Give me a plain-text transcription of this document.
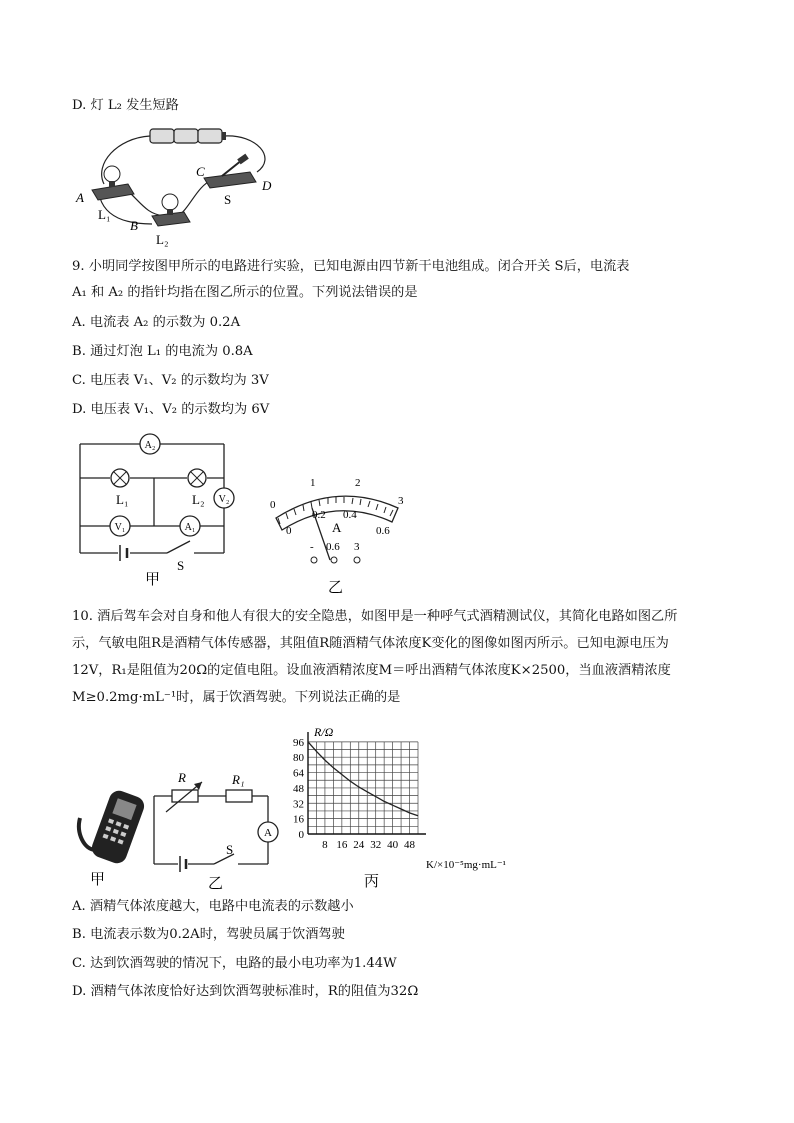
D. 灯 L₂ 发生短路
A
L₁
B
L₂
C
D
S
9. 小明同学按图甲所示的电路进行实验，已知电源由四节新干电池组成。闭合开关 S后，电流表
A₁ 和 A₂ 的指针均指在图乙所示的位置。下列说法错误的是
A. 电流表 A₂ 的示数为 0.2A
B. 通过灯泡 L₁ 的电流为 0.8A
C. 电压表 V₁、V₂ 的示数均为 3V
D. 电压表 V₁、V₂ 的示数均为 6V
A₂
V₂
V₁	A₁
L₁	L₂
S
甲
0
1	2
3
0
0.2 0.4
0.6
A
- 0.6 3
乙
10. 酒后驾车会对自身和他人有很大的安全隐患，如图甲是一种呼气式酒精测试仪，其简化电路如图乙所
示，气敏电阻R是酒精气体传感器，其阻值R随酒精气体浓度K变化的图像如图丙所示。已知电源电压为
12V，R₁是阻值为20Ω的定值电阻。设血液酒精浓度M＝呼出酒精气体浓度K×2500，当血液酒精浓度
M≥0.2mg·mL⁻¹时，属于饮酒驾驶。下列说法正确的是
甲
A
R	R₁
S
乙
0
16
32
48
64
80
96
8 16 24 32 40 48
R/Ω
K/×10⁻⁵mg·mL⁻¹
丙
A. 酒精气体浓度越大，电路中电流表的示数越小
B. 电流表示数为0.2A时，驾驶员属于饮酒驾驶
C. 达到饮酒驾驶的情况下，电路的最小电功率为1.44W
D. 酒精气体浓度恰好达到饮酒驾驶标准时，R的阻值为32Ω
